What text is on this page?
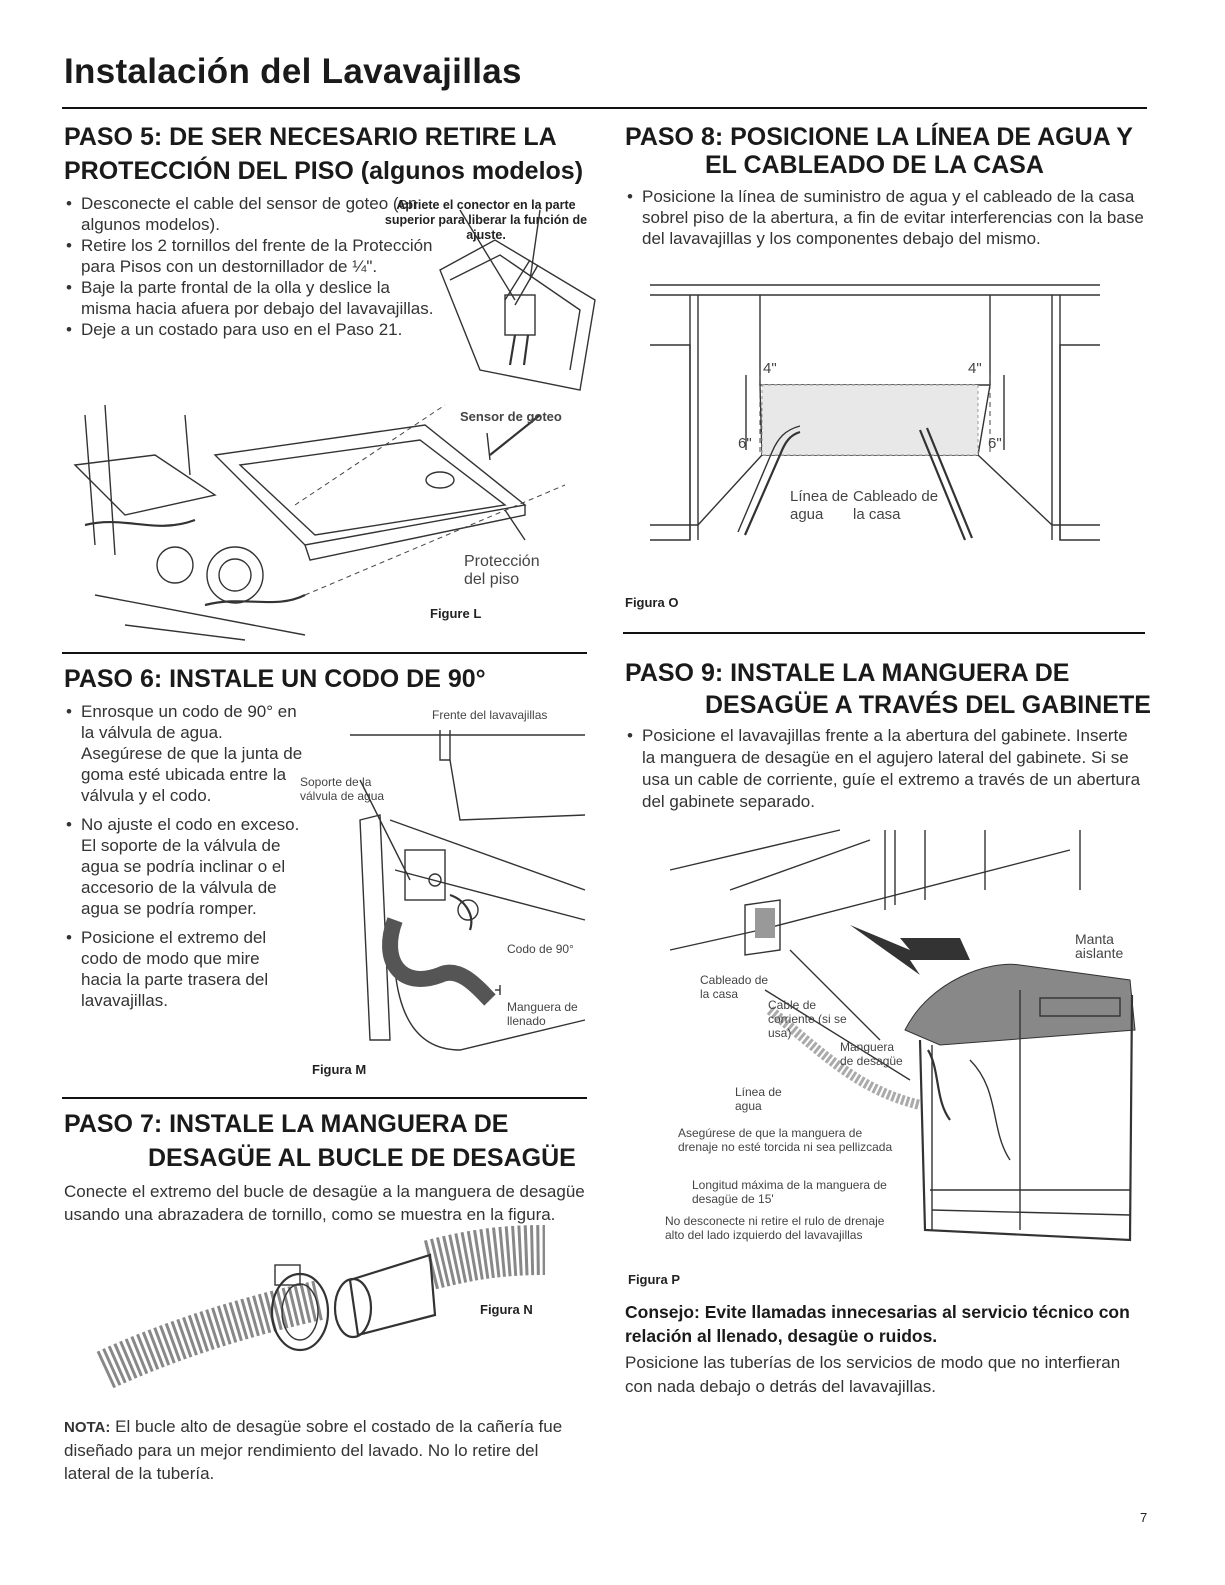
Instalación del Lavavajillas
PASO 5: DE SER NECESARIO RETIRE LA
PROTECCIÓN DEL PISO (algunos modelos)
• Desconecte el cable del sensor de goteo (en algunos modelos).
• Retire los 2 tornillos del frente de la Protección para Pisos con un destornillador de ¼".
• Baje la parte frontal de la olla y deslice la misma hacia afuera por debajo del lavavajillas.
• Deje a un costado para uso en el Paso 21.
Apriete el conector en la parte superior para liberar la función de ajuste.
Sensor de goteo
Protección del piso
Figure L
PASO 6: INSTALE UN CODO DE 90°
• Enrosque un codo de 90° en la válvula de agua. Asegúrese de que la junta de goma esté ubicada entre la válvula y el codo.
• No ajuste el codo en exceso. El soporte de la válvula de agua se podría inclinar o el accesorio de la válvula de agua se podría romper.
• Posicione el extremo del codo de modo que mire hacia la parte trasera del lavavajillas.
Frente del lavavajillas
Soporte de la válvula de agua
Codo de 90°
Manguera de llenado
Figura M
PASO 7: INSTALE LA MANGUERA DE
DESAGÜE AL BUCLE DE DESAGÜE
Conecte el extremo del bucle de desagüe a la manguera de desagüe usando una abrazadera de tornillo, como se muestra en la figura.
Figura N
NOTA: El bucle alto de desagüe sobre el costado de la cañería fue diseñado para un mejor rendimiento del lavado. No lo retire del lateral de la tubería.
PASO 8: POSICIONE LA LÍNEA DE AGUA Y
EL CABLEADO DE LA CASA
• Posicione la línea de suministro de agua y el cableado de la casa sobrel piso de la abertura, a fin de evitar interferencias con la base del lavavajillas y los componentes debajo del mismo.
4"	4"
6"	6"
Línea de agua
Cableado de la casa
Figura O
PASO 9: INSTALE LA MANGUERA DE
DESAGÜE A TRAVÉS DEL GABINETE
• Posicione el lavavajillas frente a la abertura del gabinete. Inserte la manguera de desagüe en el agujero lateral del gabinete. Si se usa un cable de corriente, guíe el extremo a través de un abertura del gabinete separado.
Manta aislante
Cableado de la casa
Cable de corriente (si se usa)
Manguera de desagüe
Línea de agua
Asegúrese de que la manguera de drenaje no esté torcida ni sea pellizcada
Longitud máxima de la manguera de desagüe de 15'
No desconecte ni retire el rulo de drenaje alto del lado izquierdo del lavavajillas
Figura P
Consejo: Evite llamadas innecesarias al servicio técnico con relación al llenado, desagüe o ruidos.
Posicione las tuberías de los servicios de modo que no interfieran con nada debajo o detrás del lavavajillas.
7
